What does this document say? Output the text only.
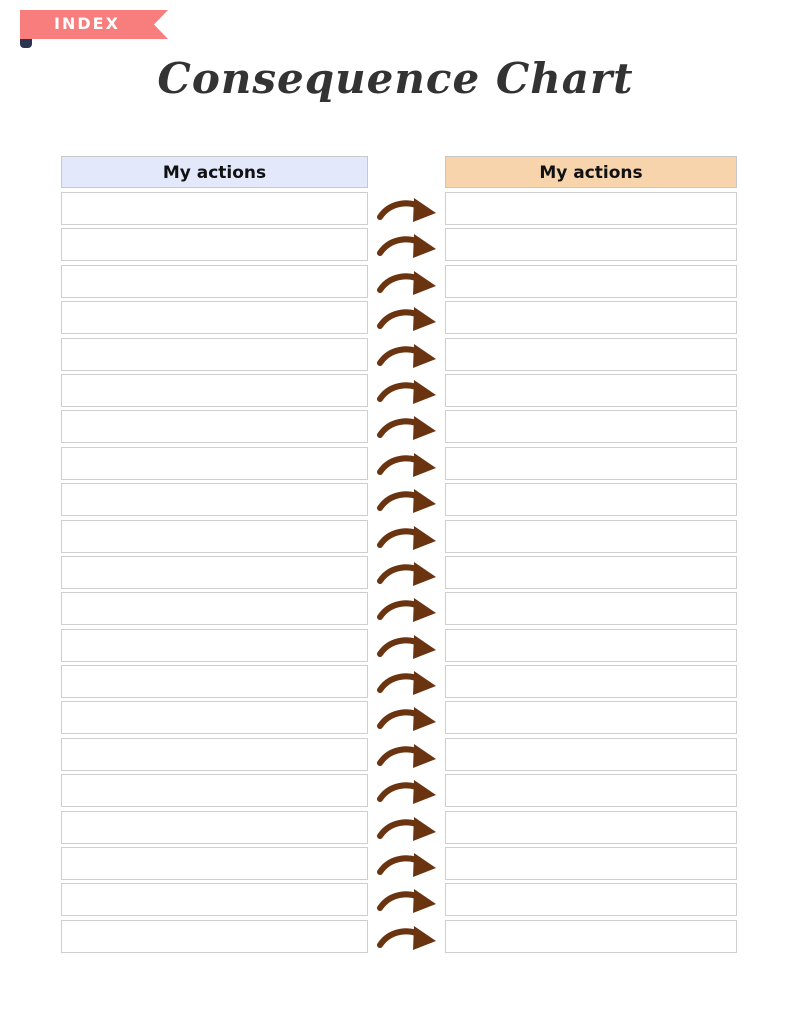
INDEX
Consequence Chart
My actions	My actions
